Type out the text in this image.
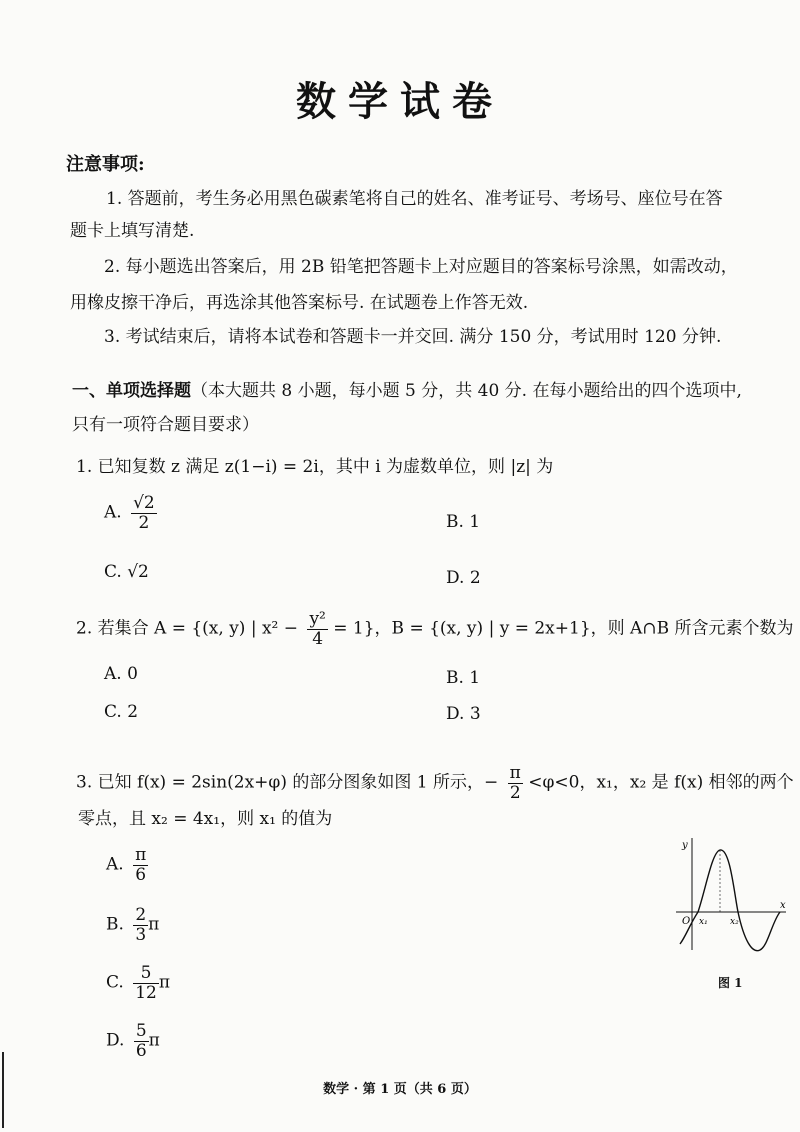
数学试卷
注意事项:
1. 答题前，考生务必用黑色碳素笔将自己的姓名、准考证号、考场号、座位号在答
题卡上填写清楚.
2. 每小题选出答案后，用 2B 铅笔把答题卡上对应题目的答案标号涂黑，如需改动，
用橡皮擦干净后，再选涂其他答案标号. 在试题卷上作答无效.
3. 考试结束后，请将本试卷和答题卡一并交回. 满分 150 分，考试用时 120 分钟.
一、单项选择题（本大题共 8 小题，每小题 5 分，共 40 分. 在每小题给出的四个选项中,
只有一项符合题目要求）
1. 已知复数 z 满足 z(1−i) = 2i，其中 i 为虚数单位，则 |z| 为
A. $\frac{√2}{2}$	B. 1
C. √2	D. 2
2. 若集合 A = {(x, y) | $x^2 - \frac{\text{y²}}{4} = 1$}，B = {(x, y) | y = 2x+1}，则 A∩B 所含元素个数为
A. 0	B. 1
C. 2	D. 3
3. 已知 f(x) = 2sin(2x+φ) 的部分图象如图 1 所示，− $\frac{\pi}{2} <\varphi<0$，x₁，x₂ 是 f(x) 相邻的两个
零点，且 x₂ = 4x₁，则 x₁ 的值为
A. $\frac{\pi}{6}$
B. $\frac{2}{3}$ π
C. $\frac{5}{12}$ π
D. $\frac{5}{6}$ π
y
x
O x₁ x₂
图 1
数学 · 第 1 页（共 6 页）
